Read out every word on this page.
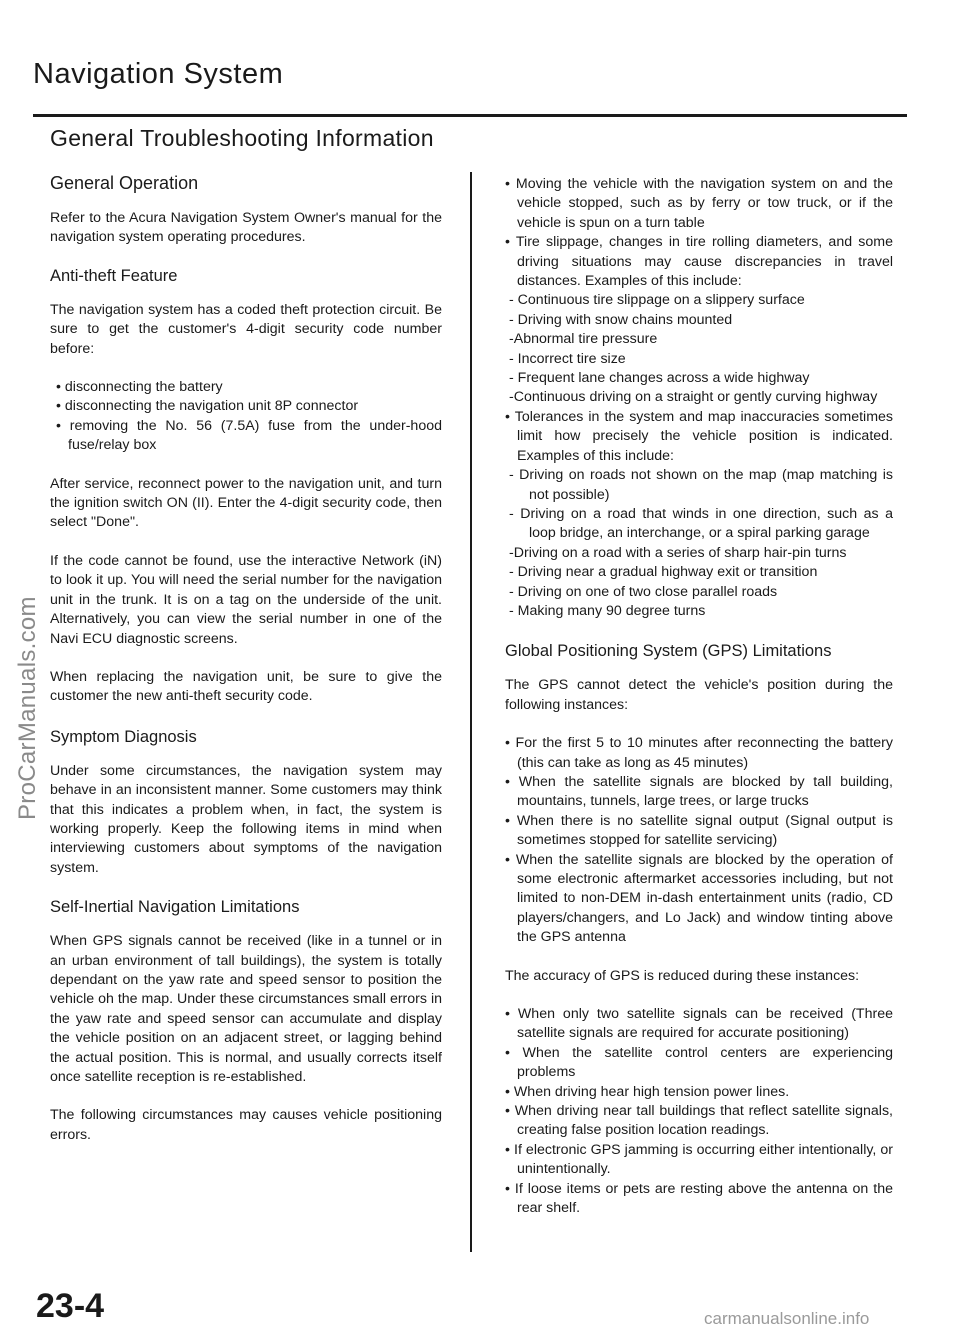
Navigation System
General Troubleshooting Information
General Operation

Refer to the Acura Navigation System Owner's manual for the navigation system operating procedures.

Anti-theft Feature

The navigation system has a coded theft protection circuit. Be sure to get the customer's 4-digit security code number before:

• disconnecting the battery
• disconnecting the navigation unit 8P connector
• removing the No. 56 (7.5A) fuse from the under-hood fuse/relay box

After service, reconnect power to the navigation unit, and turn the ignition switch ON (II). Enter the 4-digit security code, then select "Done".

If the code cannot be found, use the interactive Network (iN) to look it up. You will need the serial number for the navigation unit in the trunk. It is on a tag on the underside of the unit. Alternatively, you can view the serial number in one of the Navi ECU diagnostic screens.

When replacing the navigation unit, be sure to give the customer the new anti-theft security code.

Symptom Diagnosis

Under some circumstances, the navigation system may behave in an inconsistent manner. Some customers may think that this indicates a problem when, in fact, the system is working properly. Keep the following items in mind when interviewing customers about symptoms of the navigation system.

Self-Inertial Navigation Limitations

When GPS signals cannot be received (like in a tunnel or in an urban environment of tall buildings), the system is totally dependant on the yaw rate and speed sensor to position the vehicle oh the map. Under these circumstances small errors in the yaw rate and speed sensor can accumulate and display the vehicle position on an adjacent street, or lagging behind the actual position. This is normal, and usually corrects itself once satellite reception is re-established.

The following circumstances may causes vehicle positioning errors.

• Moving the vehicle with the navigation system on and the vehicle stopped, such as by ferry or tow truck, or if the vehicle is spun on a turn table
• Tire slippage, changes in tire rolling diameters, and some driving situations may cause discrepancies in travel distances. Examples of this include:
- Continuous tire slippage on a slippery surface
- Driving with snow chains mounted
-Abnormal tire pressure
- Incorrect tire size
- Frequent lane changes across a wide highway
-Continuous driving on a straight or gently curving highway
• Tolerances in the system and map inaccuracies sometimes limit how precisely the vehicle position is indicated. Examples of this include:
- Driving on roads not shown on the map (map matching is not possible)
- Driving on a road that winds in one direction, such as a loop bridge, an interchange, or a spiral parking garage
-Driving on a road with a series of sharp hair-pin turns
- Driving near a gradual highway exit or transition
- Driving on one of two close parallel roads
- Making many 90 degree turns
Global Positioning System (GPS) Limitations

The GPS cannot detect the vehicle's position during the following instances:

• For the first 5 to 10 minutes after reconnecting the battery (this can take as long as 45 minutes)
• When the satellite signals are blocked by tall building, mountains, tunnels, large trees, or large trucks
• When there is no satellite signal output (Signal output is sometimes stopped for satellite servicing)
• When the satellite signals are blocked by the operation of some electronic aftermarket accessories including, but not limited to non-DEM in-dash entertainment units (radio, CD players/changers, and Lo Jack) and window tinting above the GPS antenna

The accuracy of GPS is reduced during these instances:

• When only two satellite signals can be received (Three satellite signals are required for accurate positioning)
• When the satellite control centers are experiencing problems
• When driving hear high tension power lines.
• When driving near tall buildings that reflect satellite signals, creating false position location readings.
• If electronic GPS jamming is occurring either intentionally, or unintentionally.
• If loose items or pets are resting above the antenna on the rear shelf.
ProCarManuals.com
23-4	carmanualsonline.info
